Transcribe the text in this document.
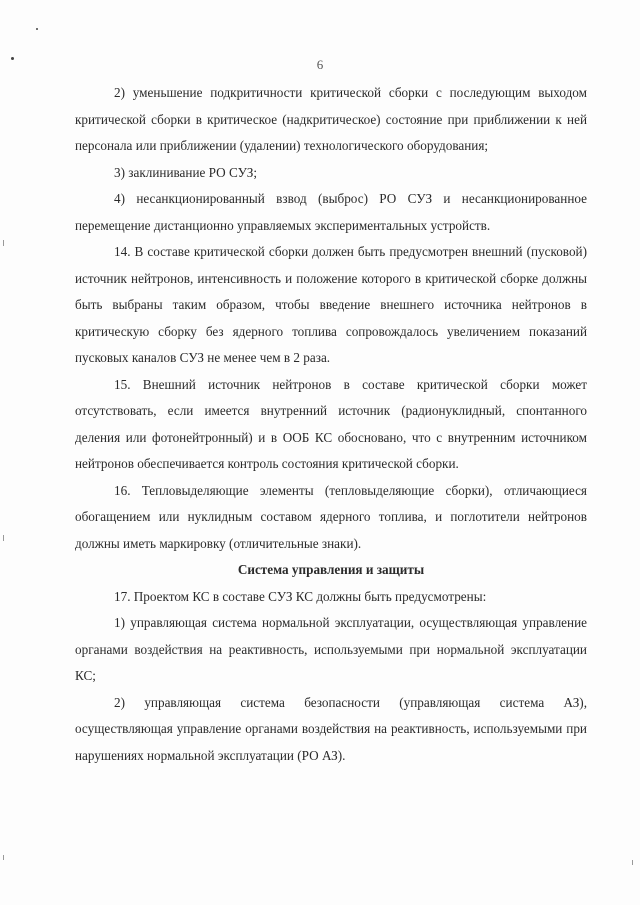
6

2) уменьшение подкритичности критической сборки с последующим выходом критической сборки в критическое (надкритическое) состояние при приближении к ней персонала или приближении (удалении) технологического оборудования;

3) заклинивание РО СУЗ;

4) несанкционированный взвод (выброс) РО СУЗ и несанкционированное перемещение дистанционно управляемых экспериментальных устройств.

14. В составе критической сборки должен быть предусмотрен внешний (пусковой) источник нейтронов, интенсивность и положение которого в критической сборке должны быть выбраны таким образом, чтобы введение внешнего источника нейтронов в критическую сборку без ядерного топлива сопровождалось увеличением показаний пусковых каналов СУЗ не менее чем в 2 раза.

15. Внешний источник нейтронов в составе критической сборки может отсутствовать, если имеется внутренний источник (радионуклидный, спонтанного деления или фотонейтронный) и в ООБ КС обосновано, что с внутренним источником нейтронов обеспечивается контроль состояния критической сборки.

16. Тепловыделяющие элементы (тепловыделяющие сборки), отличающиеся обогащением или нуклидным составом ядерного топлива, и поглотители нейтронов должны иметь маркировку (отличительные знаки).

Система управления и защиты

17. Проектом КС в составе СУЗ КС должны быть предусмотрены:

1) управляющая система нормальной эксплуатации, осуществляющая управление органами воздействия на реактивность, используемыми при нормальной эксплуатации КС;

2) управляющая система безопасности (управляющая система АЗ), осуществляющая управление органами воздействия на реактивность, используемыми при нарушениях нормальной эксплуатации (РО АЗ).
